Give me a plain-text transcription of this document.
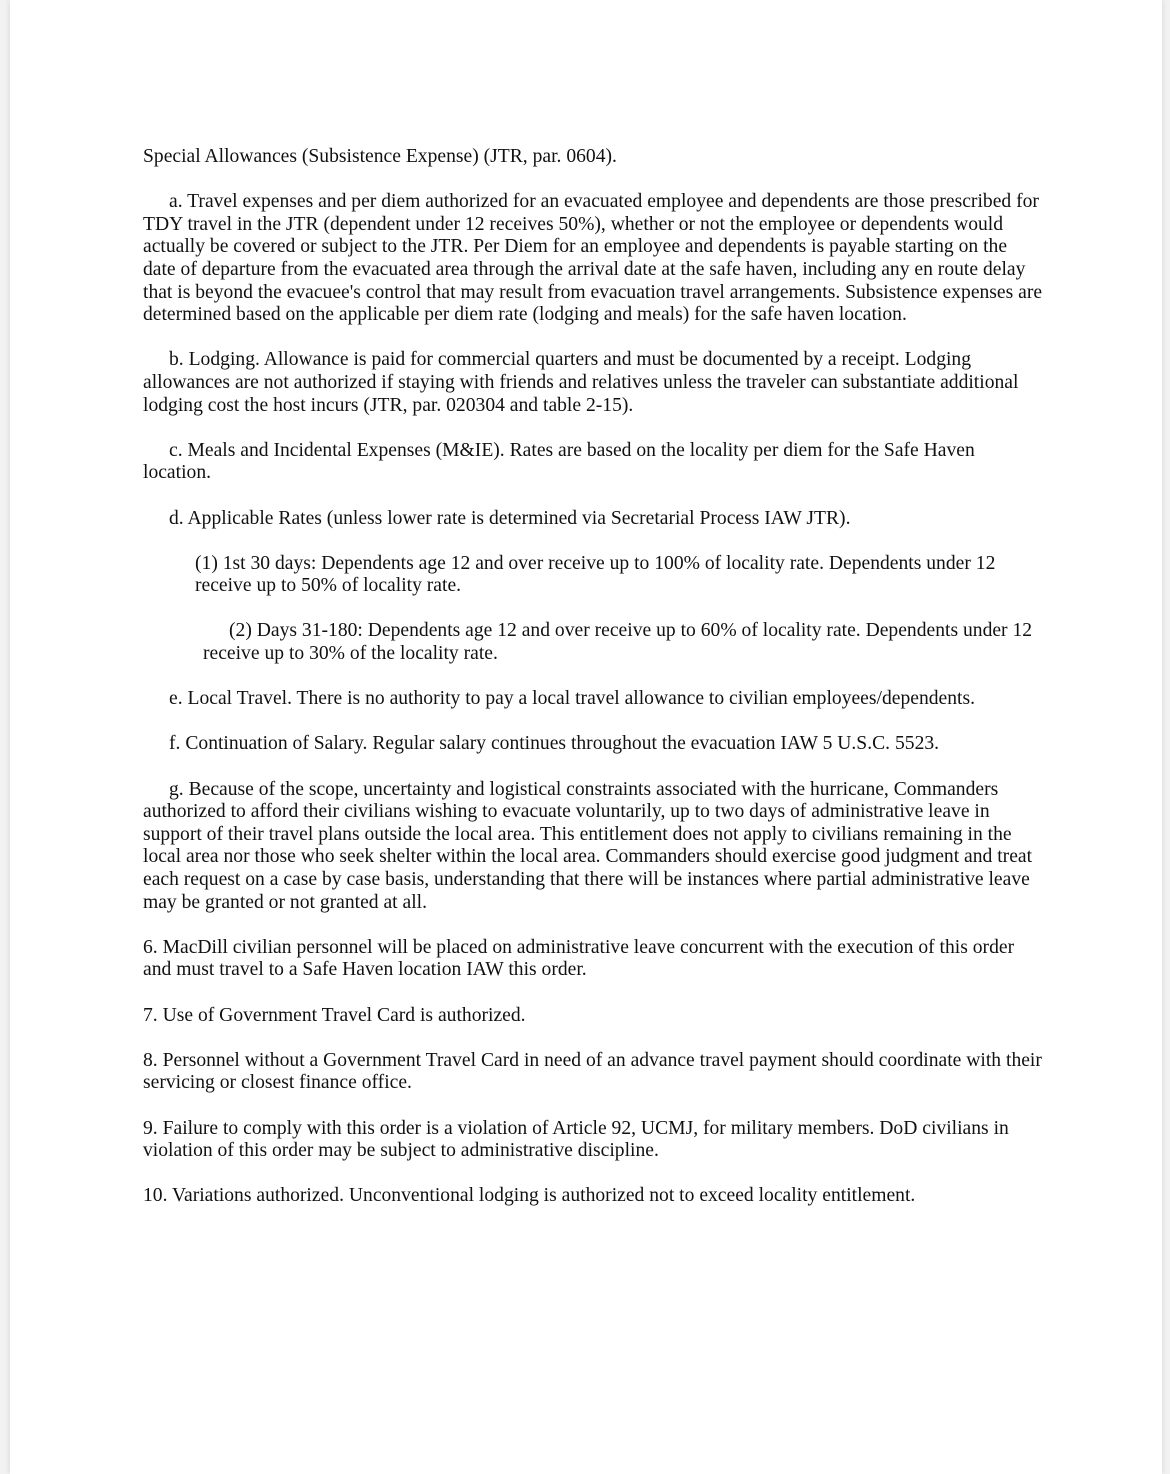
Special Allowances (Subsistence Expense) (JTR, par. 0604).

a. Travel expenses and per diem authorized for an evacuated employee and dependents are those prescribed for TDY travel in the JTR (dependent under 12 receives 50%), whether or not the employee or dependents would actually be covered or subject to the JTR. Per Diem for an employee and dependents is payable starting on the date of departure from the evacuated area through the arrival date at the safe haven, including any en route delay that is beyond the evacuee's control that may result from evacuation travel arrangements. Subsistence expenses are determined based on the applicable per diem rate (lodging and meals) for the safe haven location.

b. Lodging. Allowance is paid for commercial quarters and must be documented by a receipt. Lodging allowances are not authorized if staying with friends and relatives unless the traveler can substantiate additional lodging cost the host incurs (JTR, par. 020304 and table 2-15).

c. Meals and Incidental Expenses (M&IE). Rates are based on the locality per diem for the Safe Haven location.

d. Applicable Rates (unless lower rate is determined via Secretarial Process IAW JTR).

(1) 1st 30 days: Dependents age 12 and over receive up to 100% of locality rate. Dependents under 12 receive up to 50% of locality rate.

(2) Days 31-180: Dependents age 12 and over receive up to 60% of locality rate. Dependents under 12 receive up to 30% of the locality rate.

e. Local Travel. There is no authority to pay a local travel allowance to civilian employees/dependents.

f. Continuation of Salary. Regular salary continues throughout the evacuation IAW 5 U.S.C. 5523.

g. Because of the scope, uncertainty and logistical constraints associated with the hurricane, Commanders authorized to afford their civilians wishing to evacuate voluntarily, up to two days of administrative leave in support of their travel plans outside the local area. This entitlement does not apply to civilians remaining in the local area nor those who seek shelter within the local area. Commanders should exercise good judgment and treat each request on a case by case basis, understanding that there will be instances where partial administrative leave may be granted or not granted at all.

6. MacDill civilian personnel will be placed on administrative leave concurrent with the execution of this order and must travel to a Safe Haven location IAW this order.

7. Use of Government Travel Card is authorized.

8. Personnel without a Government Travel Card in need of an advance travel payment should coordinate with their servicing or closest finance office.

9. Failure to comply with this order is a violation of Article 92, UCMJ, for military members. DoD civilians in violation of this order may be subject to administrative discipline.

10. Variations authorized. Unconventional lodging is authorized not to exceed locality entitlement.
